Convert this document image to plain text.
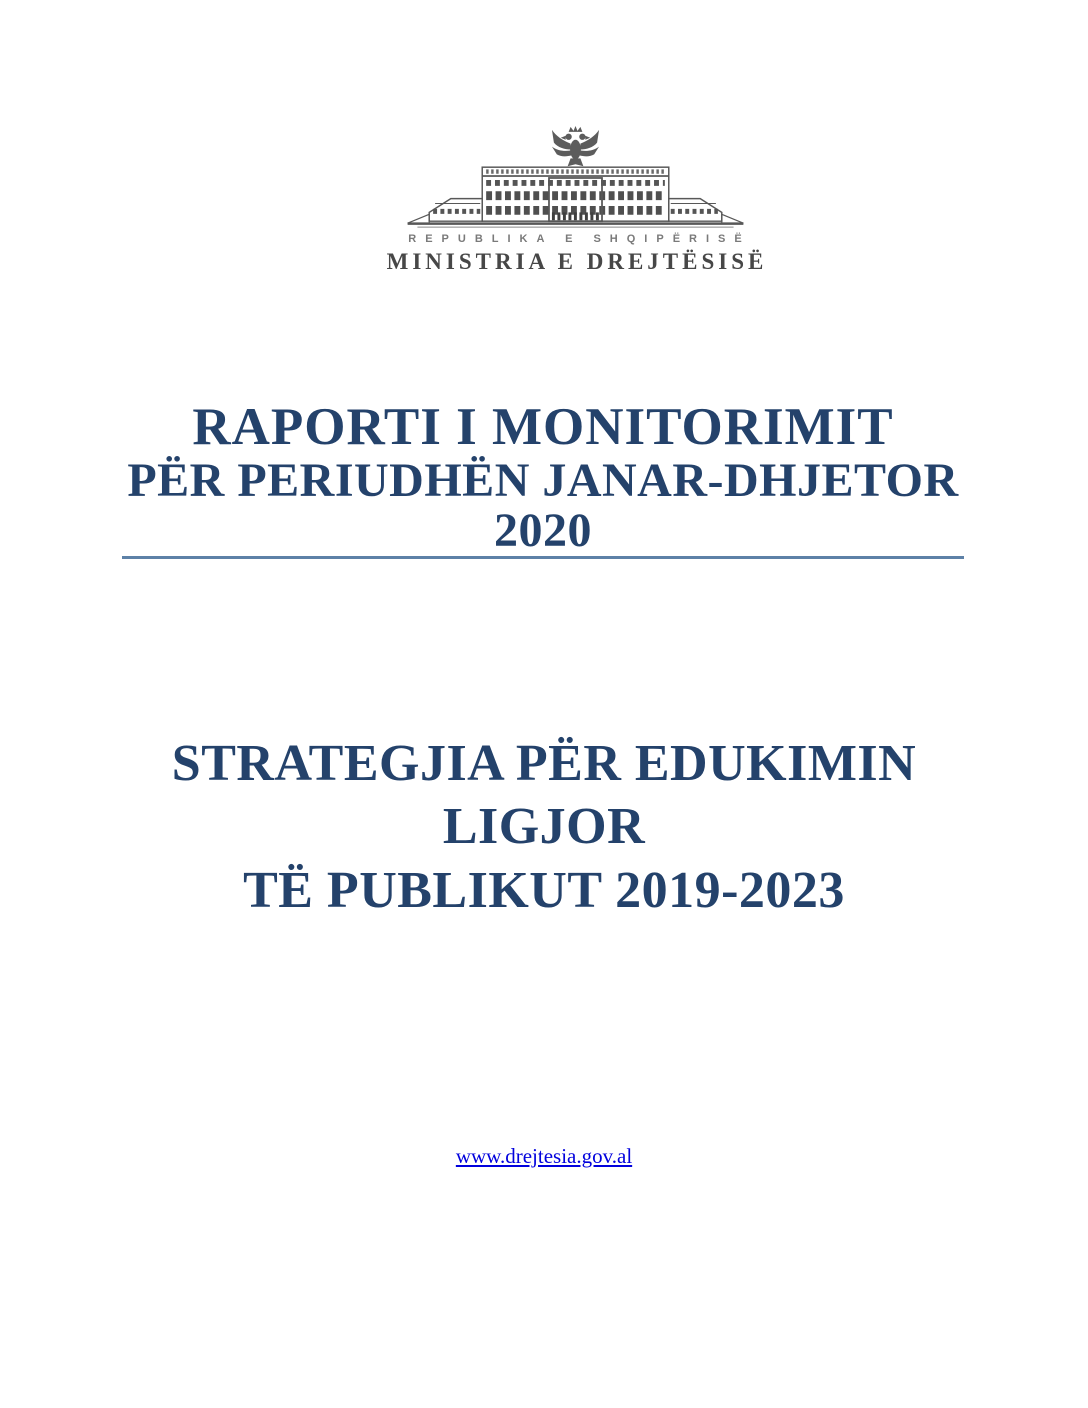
REPUBLIKA E SHQIPËRISË
MINISTRIA E DREJTËSISË
RAPORTI I MONITORIMIT
PËR PERIUDHËN JANAR-DHJETOR 2020
STRATEGJIA PËR EDUKIMIN LIGJOR
TË PUBLIKUT 2019-2023
www.drejtesia.gov.al
